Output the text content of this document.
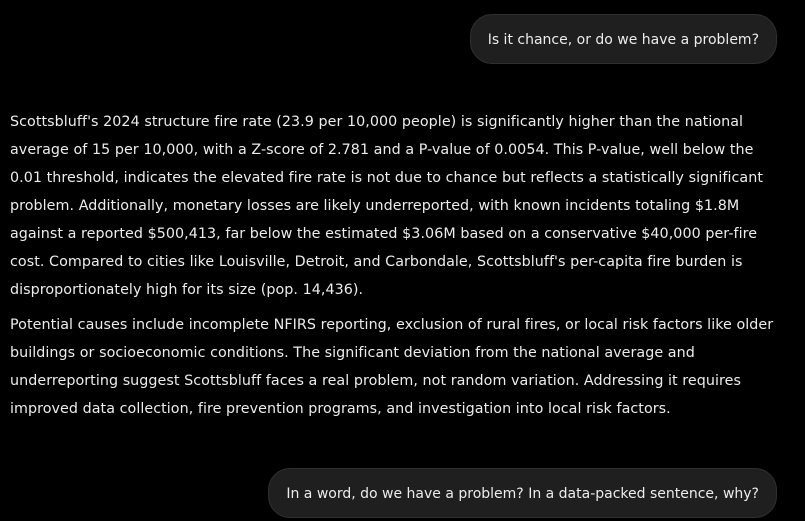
Is it chance, or do we have a problem?

Scottsbluff's 2024 structure fire rate (23.9 per 10,000 people) is significantly higher than the national average of 15 per 10,000, with a Z-score of 2.781 and a P-value of 0.0054. This P-value, well below the 0.01 threshold, indicates the elevated fire rate is not due to chance but reflects a statistically significant problem. Additionally, monetary losses are likely underreported, with known incidents totaling $1.8M against a reported $500,413, far below the estimated $3.06M based on a conservative $40,000 per-fire cost. Compared to cities like Louisville, Detroit, and Carbondale, Scottsbluff's per-capita fire burden is disproportionately high for its size (pop. 14,436).

Potential causes include incomplete NFIRS reporting, exclusion of rural fires, or local risk factors like older buildings or socioeconomic conditions. The significant deviation from the national average and underreporting suggest Scottsbluff faces a real problem, not random variation. Addressing it requires improved data collection, fire prevention programs, and investigation into local risk factors.

In a word, do we have a problem? In a data-packed sentence, why?
